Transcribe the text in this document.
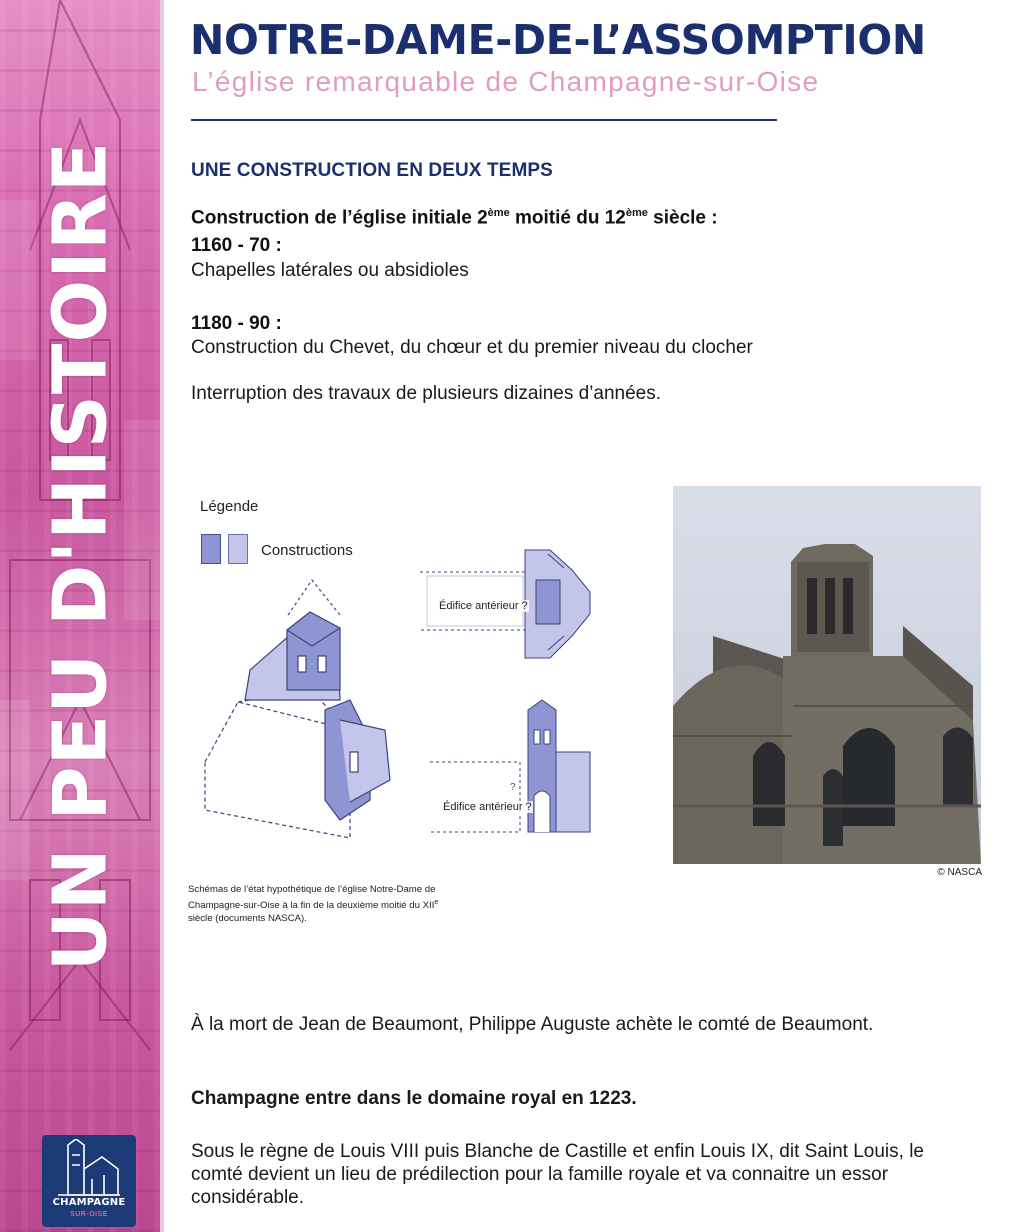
UN PEU D'HISTOIRE
CHAMPAGNE
SUR-OISE
NOTRE-DAME-DE-L’ASSOMPTION

L’église remarquable de Champagne-sur-Oise

UNE CONSTRUCTION EN DEUX TEMPS

Construction de l’église initiale 2ème moitié du 12ème siècle :

1160 - 70 :

Chapelles latérales ou absidioles

1180 - 90 :

Construction du Chevet, du chœur et du premier niveau du clocher

Interruption des travaux de plusieurs dizaines d’années.

Légende
Constructions
?
Édifice antérieur ?
Édifice antérieur ?

Schémas de l’état hypothétique de l’église Notre-Dame de
Champagne-sur-Oise à la fin de la deuxième moitié du XIIe
siècle (documents NASCA).

© NASCA

À la mort de Jean de Beaumont, Philippe Auguste achète le comté de Beaumont.

Champagne entre dans le domaine royal en 1223.

Sous le règne de Louis VIII puis Blanche de Castille et enfin Louis IX, dit Saint Louis, le comté devient un lieu de prédilection pour la famille royale et va connaitre un essor considérable.
